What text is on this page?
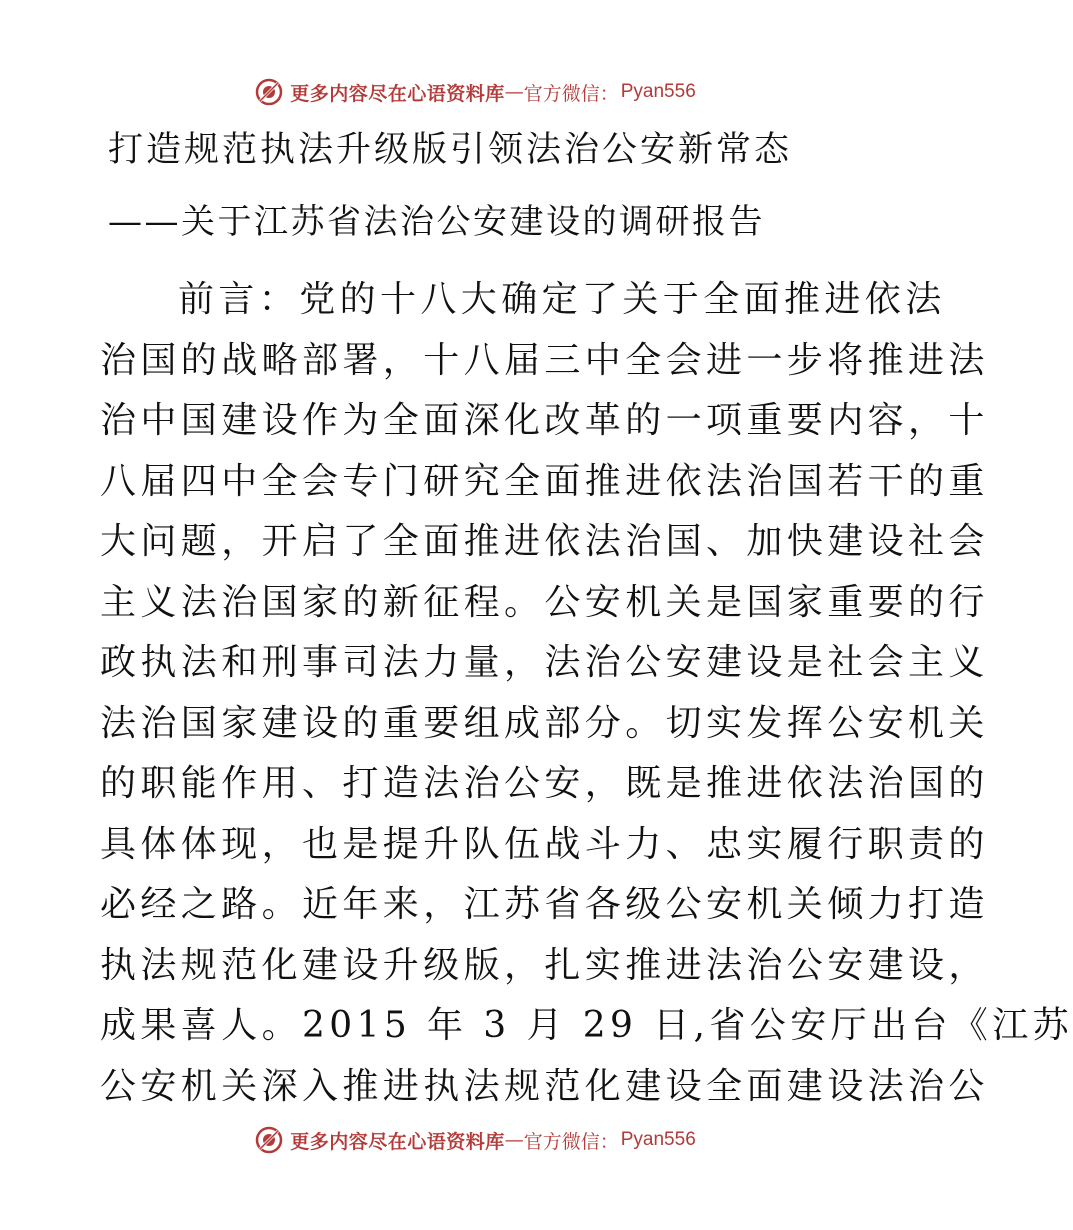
更多内容尽在心语资料库 — 官方微信： Pyan556
打造规范执法升级版引领法治公安新常态
——关于江苏省法治公安建设的调研报告
前言：党的十八大确定了关于全面推进依法
治国的战略部署，十八届三中全会进一步将推进法
治中国建设作为全面深化改革的一项重要内容，十
八届四中全会专门研究全面推进依法治国若干的重
大问题，开启了全面推进依法治国、加快建设社会
主义法治国家的新征程。公安机关是国家重要的行
政执法和刑事司法力量，法治公安建设是社会主义
法治国家建设的重要组成部分。切实发挥公安机关
的职能作用、打造法治公安，既是推进依法治国的
具体体现，也是提升队伍战斗力、忠实履行职责的
必经之路。近年来，江苏省各级公安机关倾力打造
执法规范化建设升级版，扎实推进法治公安建设，
成果喜人。2015 年 3 月 29 日,省公安厅出台《江苏
公安机关深入推进执法规范化建设全面建设法治公
更多内容尽在心语资料库 — 官方微信： Pyan556
